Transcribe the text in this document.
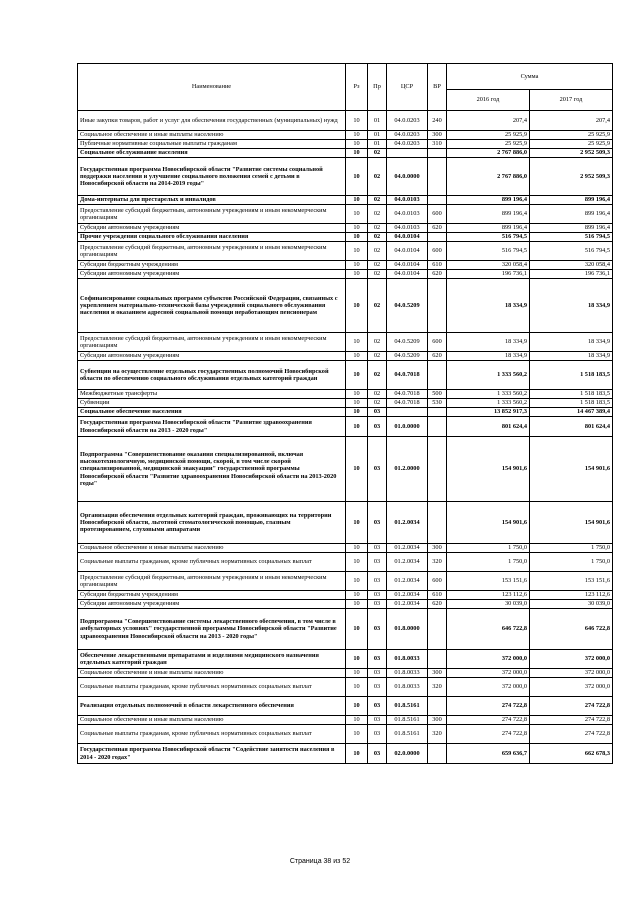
Наименование	Рз	Пр	ЦСР	ВР	Сумма	
					2016 год	2017 год
Иные закупки товаров, работ и услуг для обеспечения государственных (муниципальных) нужд	10	01	04.0.0203	240	207,4	207,4
Социальное обеспечение и иные выплаты населению	10	01	04.0.0203	300	25 925,9	25 925,9
Публичные нормативные социальные выплаты гражданам	10	01	04.0.0203	310	25 925,9	25 925,9
Социальное обслуживание населения	10	02			2 767 886,0	2 952 509,3
Государственная программа Новосибирской области "Развитие системы социальной поддержки населения и улучшение социального положения семей с детьми в Новосибирской области на 2014-2019 годы"	10	02	04.0.0000		2 767 886,0	2 952 509,3
Дома-интернаты для престарелых и инвалидов	10	02	04.0.0103		899 196,4	899 196,4
Предоставление субсидий бюджетным, автономным учреждениям и иным некоммерческим организациям	10	02	04.0.0103	600	899 196,4	899 196,4
Субсидии автономным учреждениям	10	02	04.0.0103	620	899 196,4	899 196,4
Прочие учреждения социального обслуживания населения	10	02	04.0.0104		516 794,5	516 794,5
Предоставление субсидий бюджетным, автономным учреждениям и иным некоммерческим организациям	10	02	04.0.0104	600	516 794,5	516 794,5
Субсидии бюджетным учреждениям	10	02	04.0.0104	610	320 058,4	320 058,4
Субсидии автономным учреждениям	10	02	04.0.0104	620	196 736,1	196 736,1
Софинансирование социальных программ субъектов Российской Федерации, связанных с укреплением материально-технической базы учреждений социального обслуживания населения и оказанием адресной социальной помощи неработающим пенсионерам	10	02	04.0.5209		18 334,9	18 334,9
Предоставление субсидий бюджетным, автономным учреждениям и иным некоммерческим организациям	10	02	04.0.5209	600	18 334,9	18 334,9
Субсидии автономным учреждениям	10	02	04.0.5209	620	18 334,9	18 334,9
Субвенции на осуществление отдельных государственных полномочий Новосибирской области по обеспечению социального обслуживания отдельных категорий граждан	10	02	04.0.7018		1 333 560,2	1 518 183,5
Межбюджетные трансферты	10	02	04.0.7018	500	1 333 560,2	1 518 183,5
Субвенции	10	02	04.0.7018	530	1 333 560,2	1 518 183,5
Социальное обеспечение населения	10	03			13 852 917,3	14 467 389,4
Государственная программа Новосибирской области "Развитие здравоохранения Новосибирской области на 2013 - 2020 годы"	10	03	01.0.0000		801 624,4	801 624,4
Подпрограмма "Совершенствование оказания специализированной, включая высокотехнологичную, медицинской помощи, скорой, в том числе скорой специализированной, медицинской эвакуации" государственной программы Новосибирской области "Развитие здравоохранения Новосибирской области на 2013-2020 годы"	10	03	01.2.0000		154 901,6	154 901,6
Организация обеспечения отдельных категорий граждан, проживающих на территории Новосибирской области, льготной стоматологической помощью, глазным протезированием, слуховыми аппаратами	10	03	01.2.0034		154 901,6	154 901,6
Социальное обеспечение и иные выплаты населению	10	03	01.2.0034	300	1 750,0	1 750,0
Социальные выплаты гражданам, кроме публичных нормативных социальных выплат	10	03	01.2.0034	320	1 750,0	1 750,0
Предоставление субсидий бюджетным, автономным учреждениям и иным некоммерческим организациям	10	03	01.2.0034	600	153 151,6	153 151,6
Субсидии бюджетным учреждениям	10	03	01.2.0034	610	123 112,6	123 112,6
Субсидии автономным учреждениям	10	03	01.2.0034	620	30 039,0	30 039,0
Подпрограмма "Совершенствование системы лекарственного обеспечения, в том числе в амбулаторных условиях" государственной программы Новосибирской области "Развитие здравоохранения Новосибирской области на 2013 - 2020 годы"	10	03	01.8.0000		646 722,8	646 722,8
Обеспечение лекарственными препаратами и изделиями медицинского назначения отдельных категорий граждан	10	03	01.8.0033		372 000,0	372 000,0
Социальное обеспечение и иные выплаты населению	10	03	01.8.0033	300	372 000,0	372 000,0
Социальные выплаты гражданам, кроме публичных нормативных социальных выплат	10	03	01.8.0033	320	372 000,0	372 000,0
Реализация отдельных полномочий в области лекарственного обеспечения	10	03	01.8.5161		274 722,8	274 722,8
Социальное обеспечение и иные выплаты населению	10	03	01.8.5161	300	274 722,8	274 722,8
Социальные выплаты гражданам, кроме публичных нормативных социальных выплат	10	03	01.8.5161	320	274 722,8	274 722,8
Государственная программа Новосибирской области "Содействие занятости населения в 2014 - 2020 годах"	10	03	02.0.0000		659 636,7	662 678,3
Страница 38 из 52
